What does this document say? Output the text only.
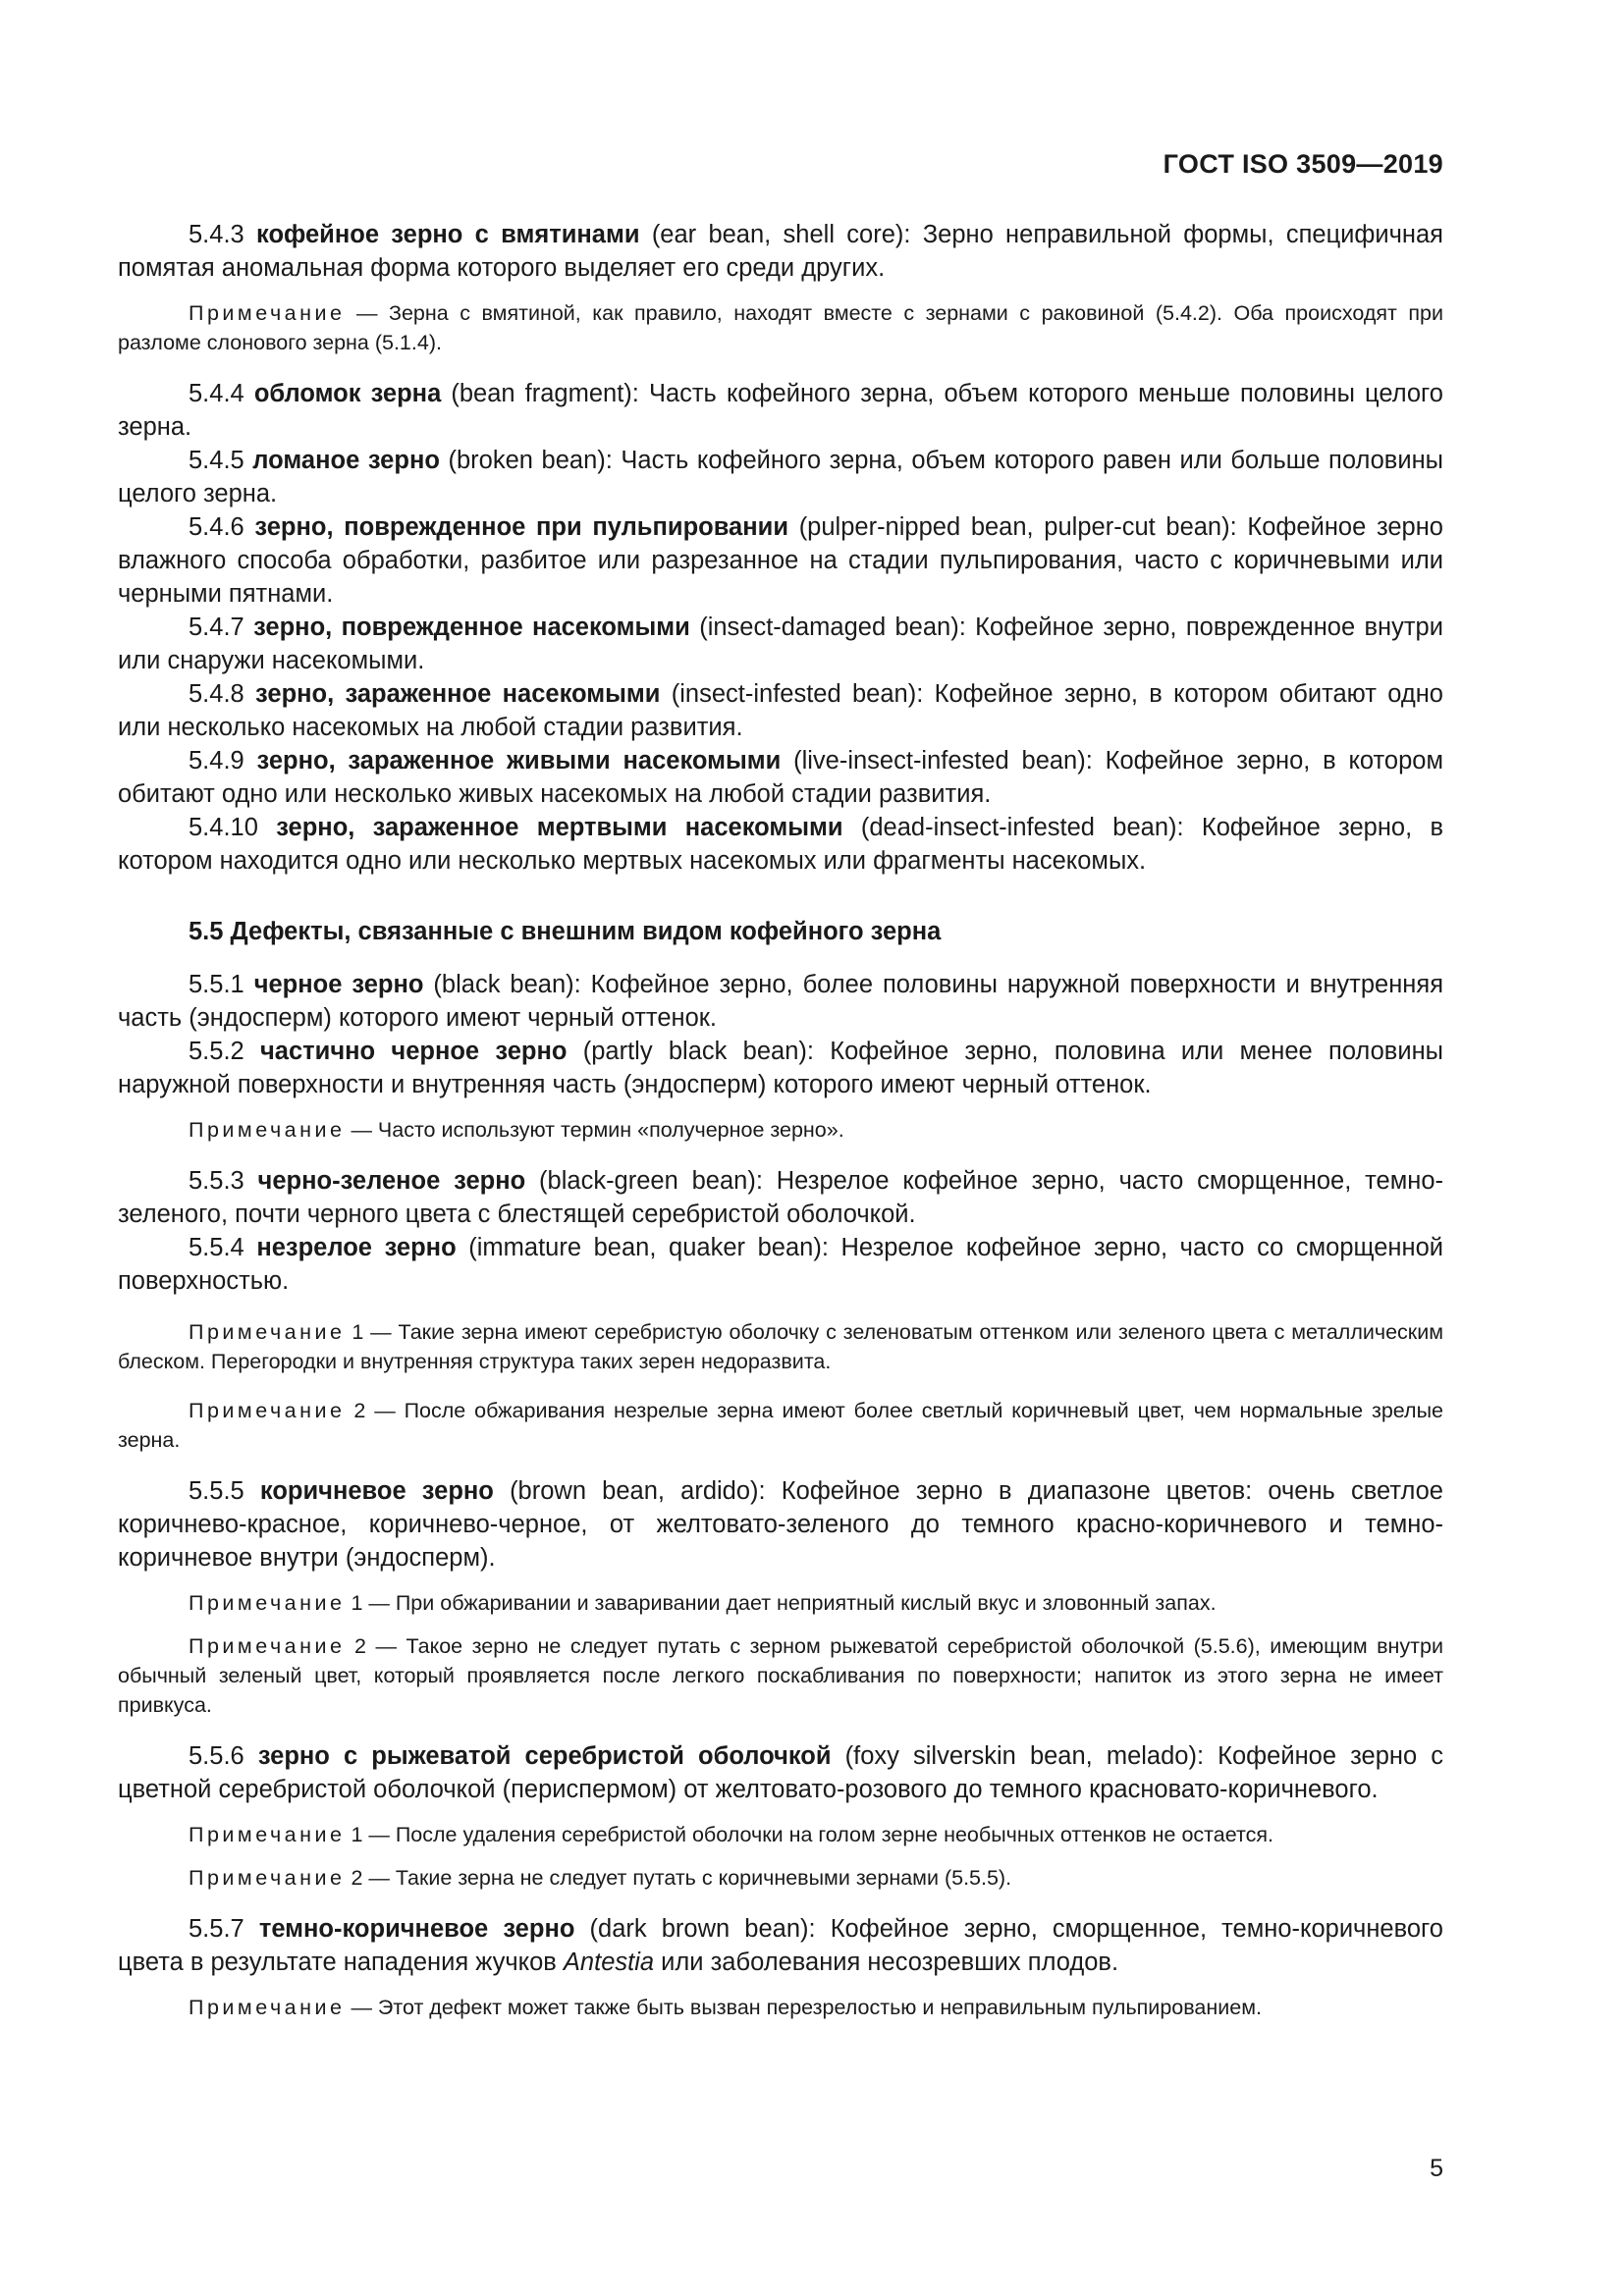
ГОСТ ISO 3509—2019

5.4.3 кофейное зерно с вмятинами (ear bean, shell core): Зерно неправильной формы, специфичная помятая аномальная форма которого выделяет его среди других.

Примечание — Зерна с вмятиной, как правило, находят вместе с зернами с раковиной (5.4.2). Оба происходят при разломе слонового зерна (5.1.4).

5.4.4 обломок зерна (bean fragment): Часть кофейного зерна, объем которого меньше половины целого зерна.

5.4.5 ломаное зерно (broken bean): Часть кофейного зерна, объем которого равен или больше половины целого зерна.

5.4.6 зерно, поврежденное при пульпировании (pulper-nipped bean, pulper-cut bean): Кофейное зерно влажного способа обработки, разбитое или разрезанное на стадии пульпирования, часто с коричневыми или черными пятнами.

5.4.7 зерно, поврежденное насекомыми (insect-damaged bean): Кофейное зерно, поврежденное внутри или снаружи насекомыми.

5.4.8 зерно, зараженное насекомыми (insect-infested bean): Кофейное зерно, в котором обитают одно или несколько насекомых на любой стадии развития.

5.4.9 зерно, зараженное живыми насекомыми (live-insect-infested bean): Кофейное зерно, в котором обитают одно или несколько живых насекомых на любой стадии развития.

5.4.10 зерно, зараженное мертвыми насекомыми (dead-insect-infested bean): Кофейное зерно, в котором находится одно или несколько мертвых насекомых или фрагменты насекомых.

5.5 Дефекты, связанные с внешним видом кофейного зерна

5.5.1 черное зерно (black bean): Кофейное зерно, более половины наружной поверхности и внутренняя часть (эндосперм) которого имеют черный оттенок.

5.5.2 частично черное зерно (partly black bean): Кофейное зерно, половина или менее половины наружной поверхности и внутренняя часть (эндосперм) которого имеют черный оттенок.

Примечание — Часто используют термин «получерное зерно».

5.5.3 черно-зеленое зерно (black-green bean): Незрелое кофейное зерно, часто сморщенное, темно-зеленого, почти черного цвета с блестящей серебристой оболочкой.

5.5.4 незрелое зерно (immature bean, quaker bean): Незрелое кофейное зерно, часто со сморщенной поверхностью.

Примечание 1 — Такие зерна имеют серебристую оболочку с зеленоватым оттенком или зеленого цвета с металлическим блеском. Перегородки и внутренняя структура таких зерен недоразвита.

Примечание 2 — После обжаривания незрелые зерна имеют более светлый коричневый цвет, чем нормальные зрелые зерна.

5.5.5 коричневое зерно (brown bean, ardido): Кофейное зерно в диапазоне цветов: очень светлое коричнево-красное, коричнево-черное, от желтовато-зеленого до темного красно-коричневого и темно-коричневое внутри (эндосперм).

Примечание 1 — При обжаривании и заваривании дает неприятный кислый вкус и зловонный запах.

Примечание 2 — Такое зерно не следует путать с зерном рыжеватой серебристой оболочкой (5.5.6), имеющим внутри обычный зеленый цвет, который проявляется после легкого поскабливания по поверхности; напиток из этого зерна не имеет привкуса.

5.5.6 зерно с рыжеватой серебристой оболочкой (foxy silverskin bean, melado): Кофейное зерно с цветной серебристой оболочкой (периспермом) от желтовато-розового до темного красновато-коричневого.

Примечание 1 — После удаления серебристой оболочки на голом зерне необычных оттенков не остается.

Примечание 2 — Такие зерна не следует путать с коричневыми зернами (5.5.5).

5.5.7 темно-коричневое зерно (dark brown bean): Кофейное зерно, сморщенное, темно-коричневого цвета в результате нападения жучков Antestia или заболевания несозревших плодов.

Примечание — Этот дефект может также быть вызван перезрелостью и неправильным пульпированием.

5
